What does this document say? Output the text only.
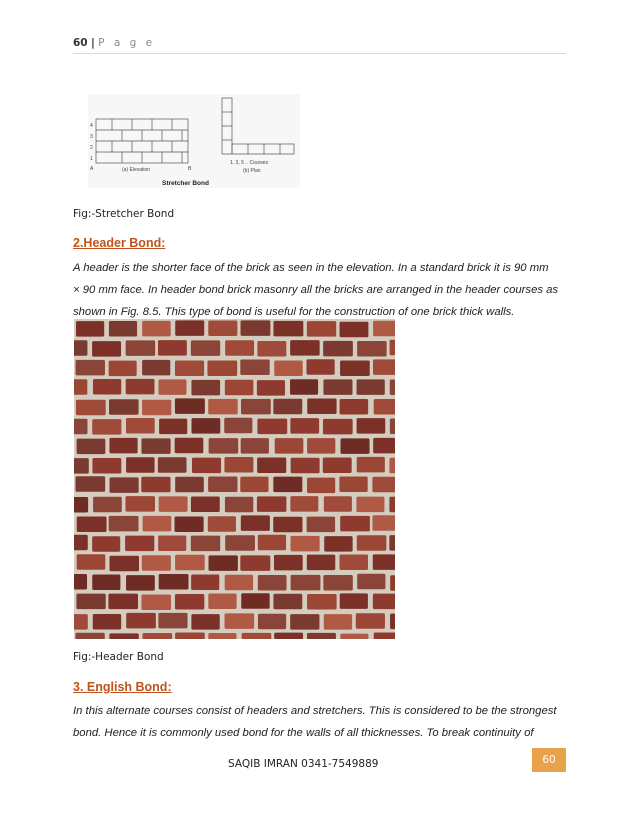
60 | P a g e
4
3
2
1
A	B
(a) Elevation
1, 3, 5 .. Courses
(b) Plan
Stretcher Bond
Fig:-Stretcher Bond
2.Header Bond:
A header is the shorter face of the brick as seen in the elevation. In a standard brick it is 90 mm
× 90 mm face. In header bond brick masonry all the bricks are arranged in the header courses as
shown in Fig. 8.5. This type of bond is useful for the construction of one brick thick walls.
Fig:-Header Bond
3. English Bond:
In this alternate courses consist of headers and stretchers. This is considered to be the strongest
bond. Hence it is commonly used bond for the walls of all thicknesses. To break continuity of
SAQIB IMRAN 0341-7549889	60
